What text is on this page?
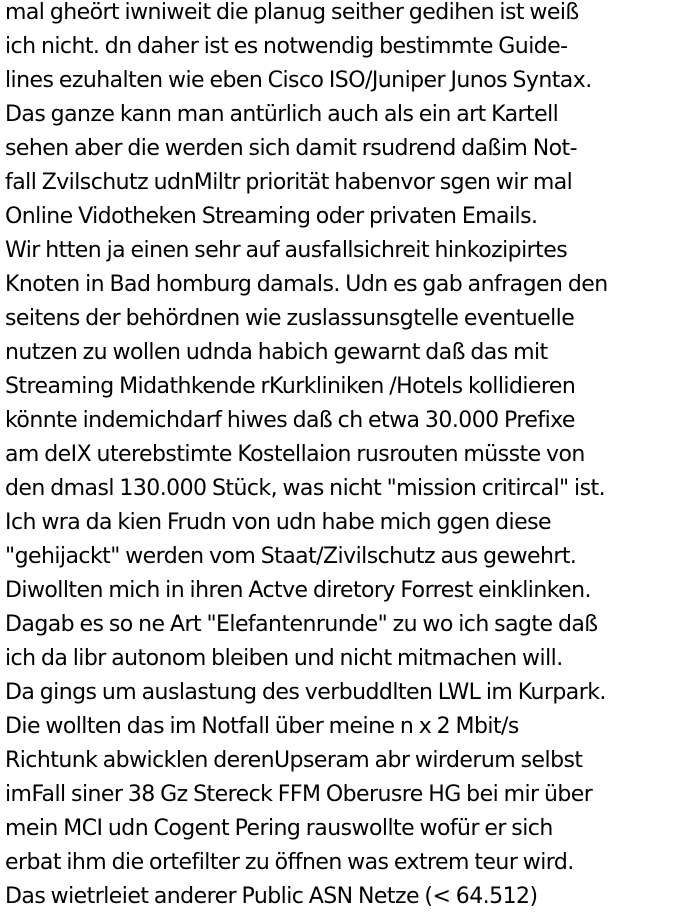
mal gheört iwniweit die planug seither gedihen ist weiß
ich nicht. dn daher ist es notwendig bestimmte Guide-
lines ezuhalten wie eben Cisco ISO/Juniper Junos Syntax.
Das ganze kann man antürlich auch als ein art Kartell
sehen aber die werden sich damit rsudrend daßim Not-
fall Zvilschutz udnMiltr priorität habenvor sgen wir mal
Online Vidotheken Streaming oder privaten Emails.
Wir htten ja einen sehr auf ausfallsichreit hinkozipirtes
Knoten in Bad homburg damals. Udn es gab anfragen den
seitens der behördnen wie zuslassunsgtelle eventuelle
nutzen zu wollen udnda habich gewarnt daß das mit
Streaming Midathkende rKurkliniken /Hotels kollidieren
könnte indemichdarf hiwes daß ch etwa 30.000 Prefixe
am deIX uterebstimte Kostellaion rusrouten müsste von
den dmasl 130.000 Stück, was nicht "mission critircal" ist.
Ich wra da kien Frudn von udn habe mich ggen diese
"gehijackt" werden vom Staat/Zivilschutz aus gewehrt.
Diwollten mich in ihren Actve diretory Forrest einklinken.
Dagab es so ne Art "Elefantenrunde" zu wo ich sagte daß
ich da libr autonom bleiben und nicht mitmachen will.
Da gings um auslastung des verbuddlten LWL im Kurpark.
Die wollten das im Notfall über meine n x 2 Mbit/s
Richtunk abwicklen derenUpseram abr wirderum selbst
imFall siner 38 Gz Stereck FFM Oberusre HG bei mir über
mein MCI udn Cogent Pering rauswollte wofür er sich
erbat ihm die ortefilter zu öffnen was extrem teur wird.
Das wietrleiet anderer Public ASN Netze (< 64.512)
